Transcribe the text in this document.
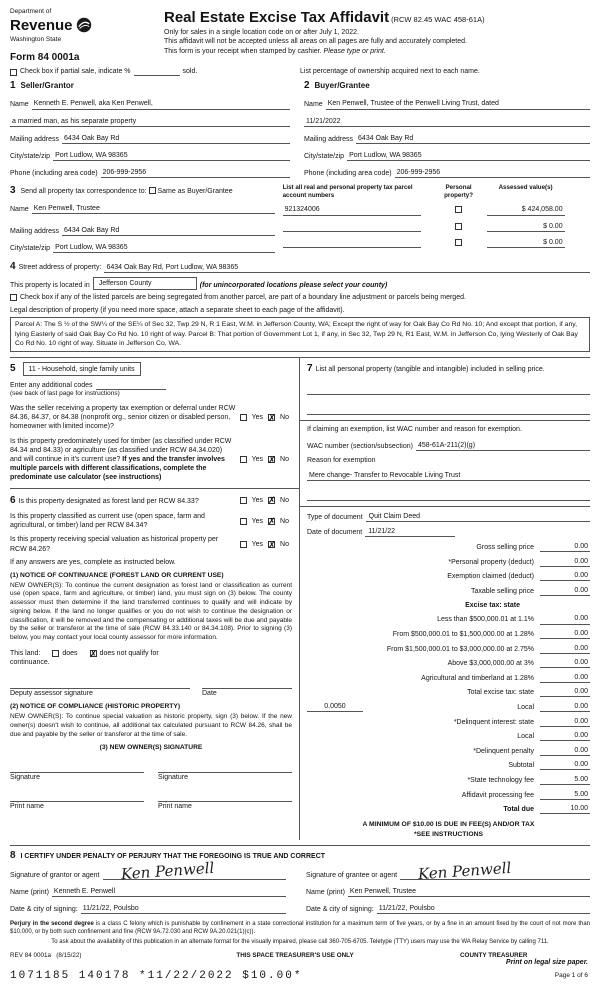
Department of
Revenue
Washington State
Form 84 0001a
Real Estate Excise Tax Affidavit (RCW 82.45 WAC 458-61A)
Only for sales in a single location code on or after July 1, 2022.
This affidavit will not be accepted unless all areas on all pages are fully and accurately completed.
This form is your receipt when stamped by cashier. Please type or print.
Check box if partial sale, indicate %	sold.	List percentage of ownership acquired next to each name.
1 Seller/Grantor
Name Kenneth E. Penwell, aka Ken Penwell,
a married man, as his separate property
Mailing address 6434 Oak Bay Rd
City/state/zip Port Ludlow, WA 98365
Phone (including area code) 206-999-2956
2 Buyer/Grantee
Name Ken Penwell, Trustee of the Penwell Living Trust, dated
11/21/2022
Mailing address 6434 Oak Bay Rd
City/state/zip Port Ludlow, WA 98365
Phone (including area code) 206-999-2956
3 Send all property tax correspondence to: Same as Buyer/Grantee
Name Ken Penwell, Trustee
Mailing address 6434 Oak Bay Rd
City/state/zip Port Ludlow, WA 98365
List all real and personal property tax parcel account numbers
Personal property?
Assessed value(s)
921324006	$ 424,058.00
$ 0.00
$ 0.00
4 Street address of property: 6434 Oak Bay Rd, Port Ludlow, WA 98365
This property is located in	Jefferson County	(for unincorporated locations please select your county)
Check box if any of the listed parcels are being segregated from another parcel, are part of a boundary line adjustment or parcels being merged.
Legal description of property (if you need more space, attach a separate sheet to each page of the affidavit).
Parcel A: The S ½ of the SW¼ of the SE¼ of Sec 32, Twp 29 N, R 1 East, W.M. in Jefferson County, WA; Except the right of way for Oak Bay Co Rd No. 10; And except that portion, if any, lying Easterly of said Oak Bay Co Rd No. 10 right of way. Parcel B: That portion of Government Lot 1, if any, in Sec 32, Twp 29 N, R1 East, W.M. in Jefferson Co, lying Westerly of Oak Bay Co Rd No. 10 right of way. Situate in Jefferson Co, WA.
5 11 - Household, single family units
Enter any additional codes
(see back of last page for instructions)
Was the seller receiving a property tax exemption or deferral under RCW 84.36, 84.37, or 84.38 (nonprofit org., senior citizen or disabled person, homeowner with limited income)?
Yes ✗ No
Is this property predominately used for timber (as classified under RCW 84.34 and 84.33) or agriculture (as classified under RCW 84.34.020) and will continue in it's current use? If yes and the transfer involves multiple parcels with different classifications, complete the predominate use calculator (see instructions)
Yes ✗ No
6 Is this property designated as forest land per RCW 84.33?	Yes ✗ No
Is this property classified as current use (open space, farm and agricultural, or timber) land per RCW 84.34?
Yes ✗ No
Is this property receiving special valuation as historical property per RCW 84.26?
Yes ✗ No
If any answers are yes, complete as instructed below.
(1) NOTICE OF CONTINUANCE (FOREST LAND OR CURRENT USE)
NEW OWNER(S): To continue the current designation as forest land or classification as current use (open space, farm and agriculture, or timber) land, you must sign on (3) below. The county assessor must then determine if the land transferred continues to qualify and will indicate by signing below. If the land no longer qualifies or you do not wish to continue the designation or classification, it will be removed and the compensating or additional taxes will be due and payable by the seller or transferor at the time of sale (RCW 84.33.140 or 84.34.108). Prior to signing (3) below, you may contact your local county assessor for more information.
This land:	does ✗	does not qualify for
continuance.
Deputy assessor signature	Date
(2) NOTICE OF COMPLIANCE (HISTORIC PROPERTY)
NEW OWNER(S): To continue special valuation as historic property, sign (3) below. If the new owner(s) doesn't wish to continue, all additional tax calculated pursuant to RCW 84.26, shall be due and payable by the seller or transferor at the time of sale.
(3) NEW OWNER(S) SIGNATURE
Signature	Signature
Print name	Print name
7 List all personal property (tangible and intangible) included in selling price.
If claiming an exemption, list WAC number and reason for exemption.
WAC number (section/subsection) 458-61A-211(2)(g)
Reason for exemption
Mere change- Transfer to Revocable Living Trust
Type of document Quit Claim Deed
Date of document 11/21/22
Gross selling price	0.00
*Personal property (deduct)	0.00
Exemption claimed (deduct)	0.00
Taxable selling price	0.00
Excise tax: state
Less than $500,000.01 at 1.1%	0.00
From $500,000.01 to $1,500,000.00 at 1.28%	0.00
From $1,500,000.01 to $3,000,000.00 at 2.75%	0.00
Above $3,000,000.00 at 3%	0.00
Agricultural and timberland at 1.28%	0.00
Total excise tax: state	0.00
0.0050	Local	0.00
*Delinquent interest: state	0.00
Local	0.00
*Delinquent penalty	0.00
Subtotal	0.00
*State technology fee	5.00
Affidavit processing fee	5.00
Total due	10.00
A MINIMUM OF $10.00 IS DUE IN FEE(S) AND/OR TAX
*SEE INSTRUCTIONS
8 I CERTIFY UNDER PENALTY OF PERJURY THAT THE FOREGOING IS TRUE AND CORRECT
Signature of grantor or agent Ken Penwell
Name (print) Kenneth E. Penwell
Date & city of signing: 11/21/22, Poulsbo
Signature of grantee or agent Ken Penwell
Name (print) Ken Penwell, Trustee
Date & city of signing: 11/21/22, Poulsbo
Perjury in the second degree is a class C felony which is punishable by confinement in a state correctional institution for a maximum term of five years, or by a fine in an amount fixed by the court of not more than $10,000, or by both such confinement and fine (RCW 9A.72.030 and RCW 9A.20.021(1)(c)).
To ask about the availability of this publication in an alternate format for the visually impaired, please call 360-705-6705. Teletype (TTY) users may use the WA Relay Service by calling 711.
REV 84 0001a (8/15/22)	THIS SPACE TREASURER'S USE ONLY	COUNTY TREASURER
1071185 140178 *11/22/2022 $10.00*
Print on legal size paper.
Page 1 of 6
